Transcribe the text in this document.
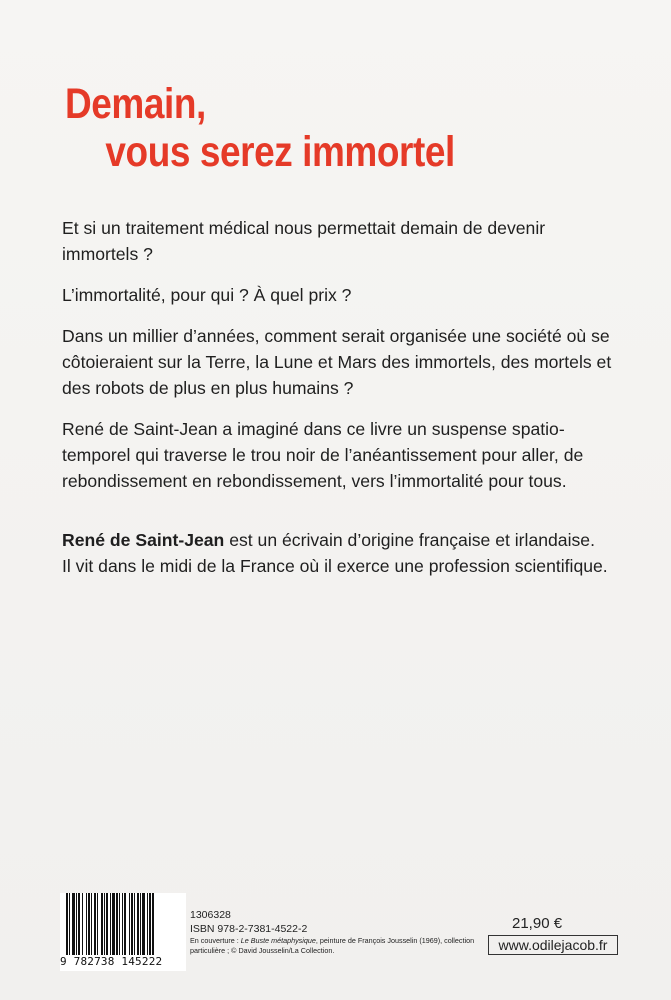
Demain,
vous serez immortel

Et si un traitement médical nous permettait demain de devenir immortels ?

L’immortalité, pour qui ? À quel prix ?

Dans un millier d’années, comment serait organisée une société où se côtoieraient sur la Terre, la Lune et Mars des immortels, des mortels et des robots de plus en plus humains ?

René de Saint-Jean a imaginé dans ce livre un suspense spatio-temporel qui traverse le trou noir de l’anéantissement pour aller, de rebondissement en rebondissement, vers l’immortalité pour tous.

René de Saint-Jean est un écrivain d’origine française et irlandaise.
Il vit dans le midi de la France où il exerce une profession scientifique.
9 782738 145222
1306328
ISBN 978-2-7381-4522-2
En couverture : Le Buste métaphysique, peinture de François Jousselin (1969), collection particulière ; © David Jousselin/La Collection.
21,90 €
www.odilejacob.fr
